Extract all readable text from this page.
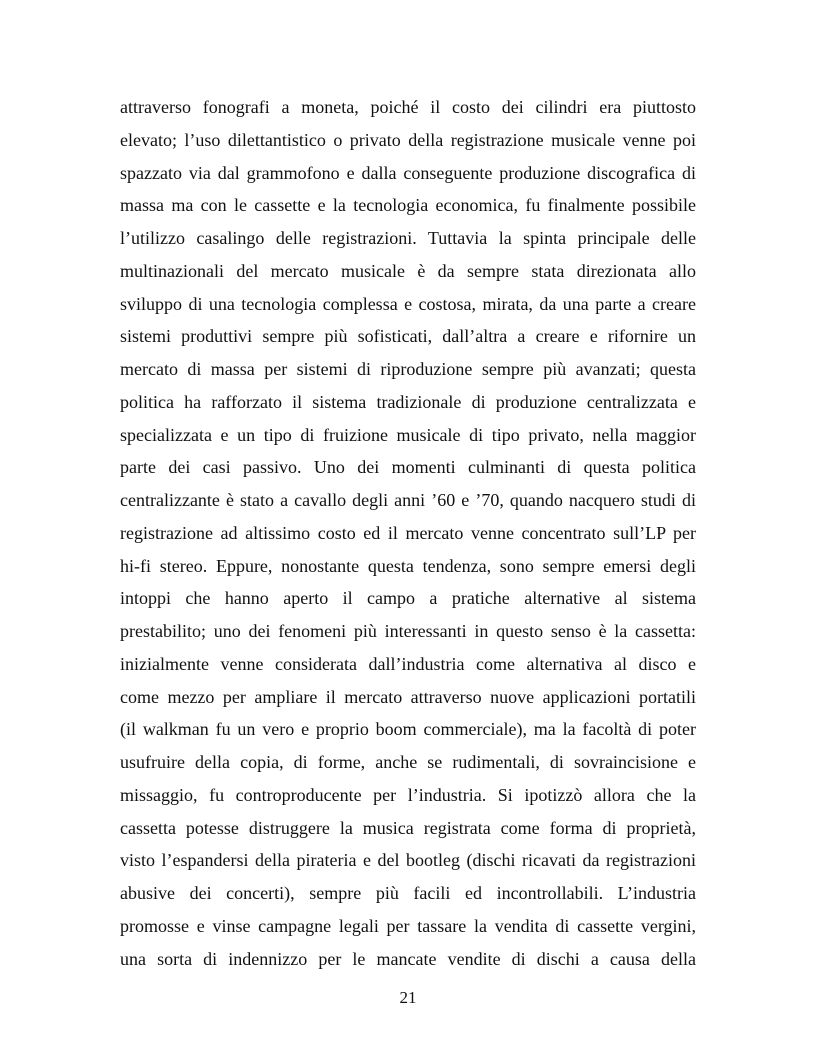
attraverso fonografi a moneta, poiché il costo dei cilindri era piuttosto
elevato; l’uso dilettantistico o privato della registrazione musicale venne poi
spazzato via dal grammofono e dalla conseguente produzione discografica di
massa ma con le cassette e la tecnologia economica, fu finalmente possibile
l’utilizzo casalingo delle registrazioni. Tuttavia la spinta principale delle
multinazionali del mercato musicale è da sempre stata direzionata allo
sviluppo di una tecnologia complessa e costosa, mirata, da una parte a creare
sistemi produttivi sempre più sofisticati, dall’altra a creare e rifornire un
mercato di massa per sistemi di riproduzione sempre più avanzati; questa
politica ha rafforzato il sistema tradizionale di produzione centralizzata e
specializzata e un tipo di fruizione musicale di tipo privato, nella maggior
parte dei casi passivo. Uno dei momenti culminanti di questa politica
centralizzante è stato a cavallo degli anni ’60 e ’70, quando nacquero studi di
registrazione ad altissimo costo ed il mercato venne concentrato sull’LP per
hi-fi stereo. Eppure, nonostante questa tendenza, sono sempre emersi degli
intoppi che hanno aperto il campo a pratiche alternative al sistema
prestabilito; uno dei fenomeni più interessanti in questo senso è la cassetta:
inizialmente venne considerata dall’industria come alternativa al disco e
come mezzo per ampliare il mercato attraverso nuove applicazioni portatili
(il walkman fu un vero e proprio boom commerciale), ma la facoltà di poter
usufruire della copia, di forme, anche se rudimentali, di sovraincisione e
missaggio, fu controproducente per l’industria. Si ipotizzò allora che la
cassetta potesse distruggere la musica registrata come forma di proprietà,
visto l’espandersi della pirateria e del bootleg (dischi ricavati da registrazioni
abusive dei concerti), sempre più facili ed incontrollabili. L’industria
promosse e vinse campagne legali per tassare la vendita di cassette vergini,
una sorta di indennizzo per le mancate vendite di dischi a causa della
21
